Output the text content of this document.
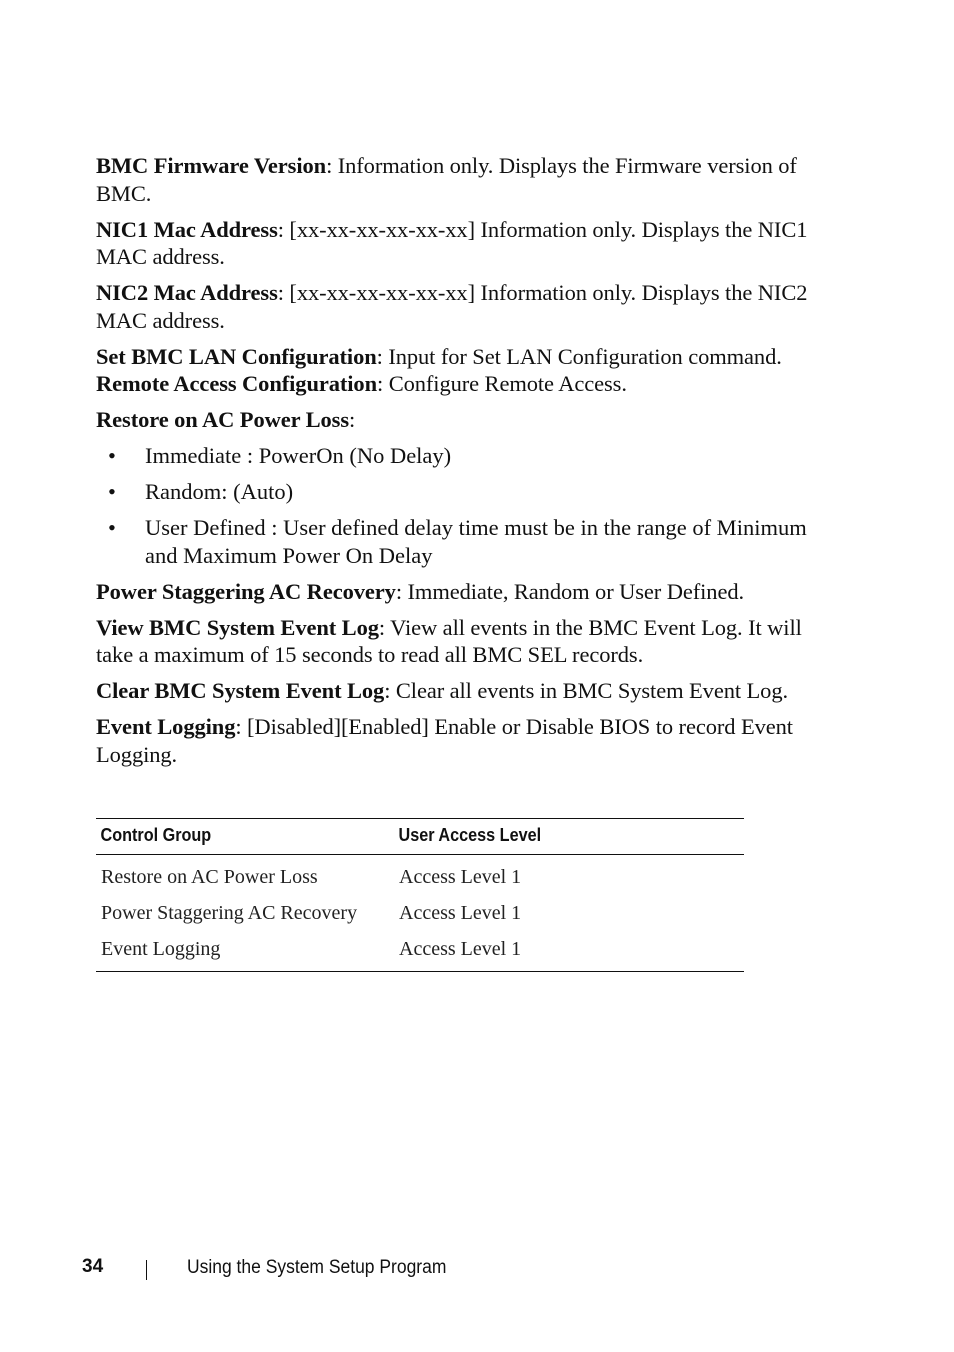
BMC Firmware Version: Information only. Displays the Firmware version of BMC.

NIC1 Mac Address: [xx-xx-xx-xx-xx-xx] Information only. Displays the NIC1 MAC address.

NIC2 Mac Address: [xx-xx-xx-xx-xx-xx] Information only. Displays the NIC2 MAC address.

Set BMC LAN Configuration: Input for Set LAN Configuration command.

Remote Access Configuration: Configure Remote Access.

Restore on AC Power Loss:

• Immediate : PowerOn (No Delay)
• Random: (Auto)
• User Defined : User defined delay time must be in the range of Minimum and Maximum Power On Delay

Power Staggering AC Recovery: Immediate, Random or User Defined.

View BMC System Event Log: View all events in the BMC Event Log. It will take a maximum of 15 seconds to read all BMC SEL records.

Clear BMC System Event Log: Clear all events in BMC System Event Log.

Event Logging: [Disabled][Enabled] Enable or Disable BIOS to record Event Logging.

Control Group	User Access Level
Restore on AC Power Loss	Access Level 1
Power Staggering AC Recovery	Access Level 1
Event Logging	Access Level 1
34	Using the System Setup Program
